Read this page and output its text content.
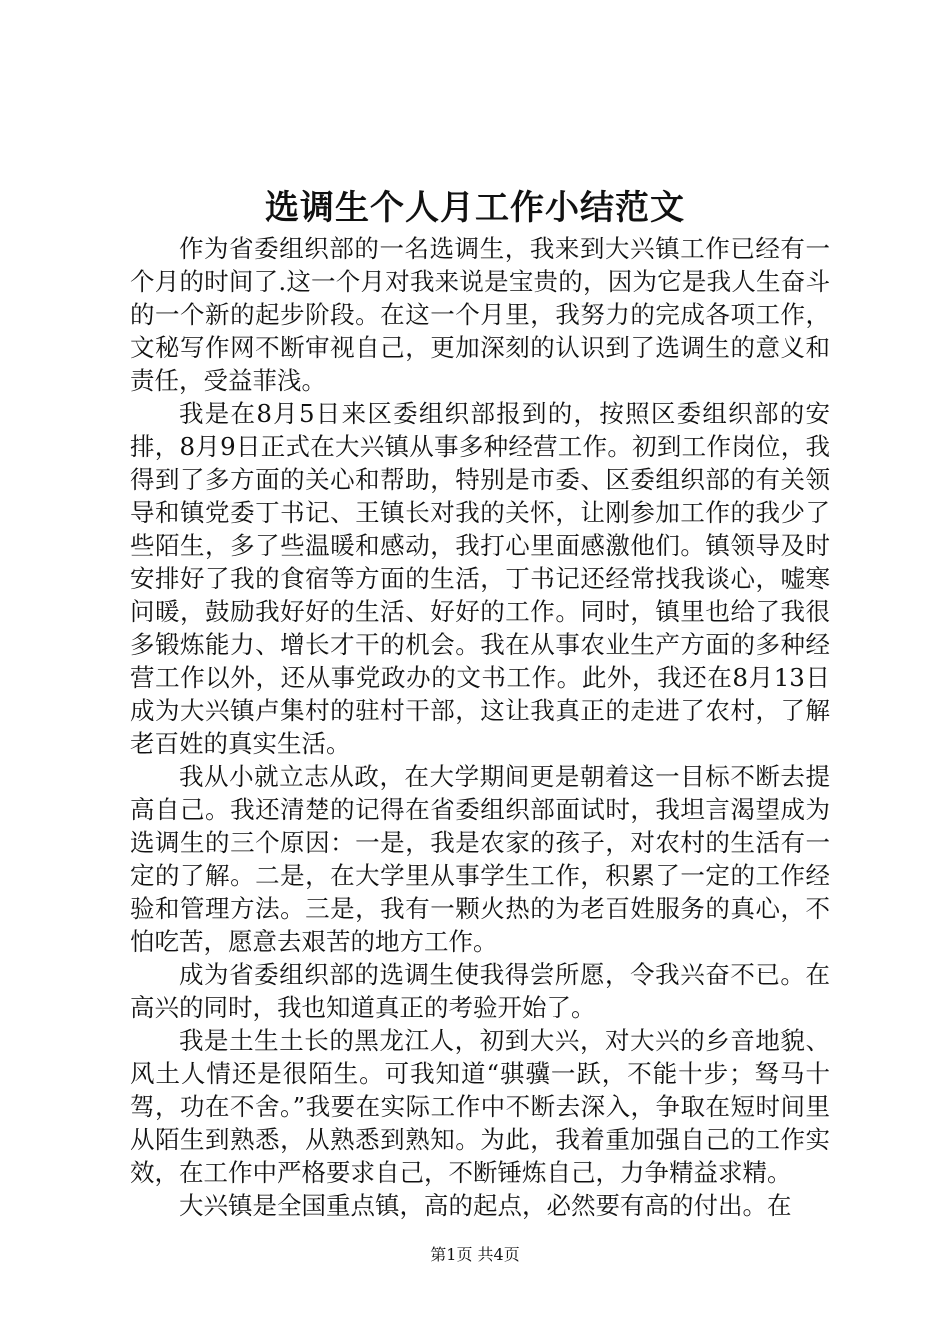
选调生个人月工作小结范文

作为省委组织部的一名选调生，我来到大兴镇工作已经有一个月的时间了.这一个月对我来说是宝贵的，因为它是我人生奋斗的一个新的起步阶段。在这一个月里，我努力的完成各项工作，文秘写作网不断审视自己，更加深刻的认识到了选调生的意义和责任，受益菲浅。

我是在8月5日来区委组织部报到的，按照区委组织部的安排，8月9日正式在大兴镇从事多种经营工作。初到工作岗位，我得到了多方面的关心和帮助，特别是市委、区委组织部的有关领导和镇党委丁书记、王镇长对我的关怀，让刚参加工作的我少了些陌生，多了些温暖和感动，我打心里面感激他们。镇领导及时安排好了我的食宿等方面的生活，丁书记还经常找我谈心，嘘寒问暖，鼓励我好好的生活、好好的工作。同时，镇里也给了我很多锻炼能力、增长才干的机会。我在从事农业生产方面的多种经营工作以外，还从事党政办的文书工作。此外，我还在8月13日成为大兴镇卢集村的驻村干部，这让我真正的走进了农村，了解老百姓的真实生活。

我从小就立志从政，在大学期间更是朝着这一目标不断去提高自己。我还清楚的记得在省委组织部面试时，我坦言渴望成为选调生的三个原因：一是，我是农家的孩子，对农村的生活有一定的了解。二是，在大学里从事学生工作，积累了一定的工作经验和管理方法。三是，我有一颗火热的为老百姓服务的真心，不怕吃苦，愿意去艰苦的地方工作。

成为省委组织部的选调生使我得尝所愿，令我兴奋不已。在高兴的同时，我也知道真正的考验开始了。

我是土生土长的黑龙江人，初到大兴，对大兴的乡音地貌、风土人情还是很陌生。可我知道“骐骥一跃，不能十步；驽马十驾，功在不舍。”我要在实际工作中不断去深入，争取在短时间里从陌生到熟悉，从熟悉到熟知。为此，我着重加强自己的工作实效，在工作中严格要求自己，不断锤炼自己，力争精益求精。

大兴镇是全国重点镇，高的起点，必然要有高的付出。在

第1页 共4页
